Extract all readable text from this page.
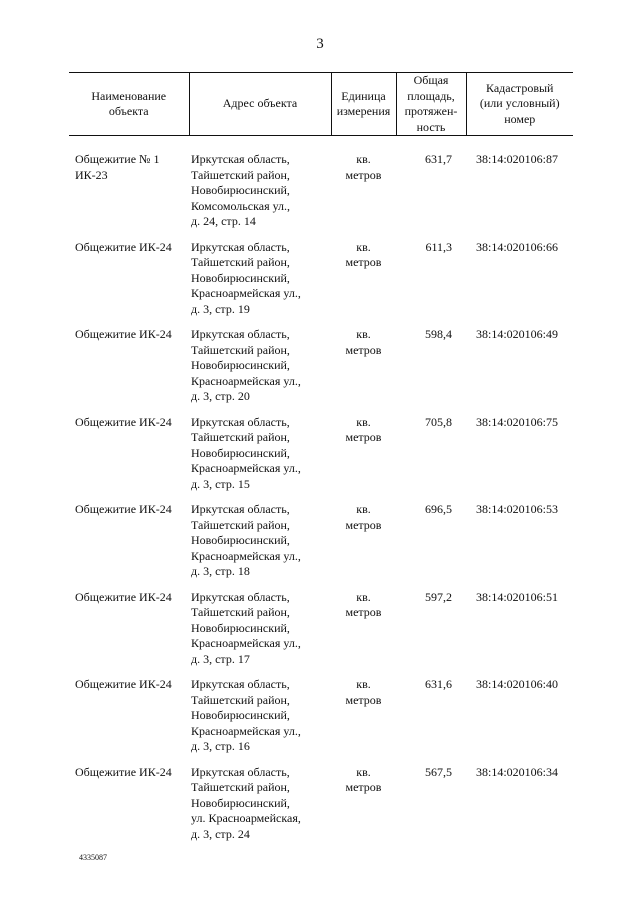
3
Наименование
объекта	Адрес объекта	Единица
измерения	Общая
площадь,
протяжен-
ность	Кадастровый
(или условный)
номер

Общежитие № 1
ИК-23	Иркутская область,
Тайшетский район,
Новобирюсинский,
Комсомольская ул.,
д. 24, стр. 14	кв.
метров	631,7	38:14:020106:87

Общежитие ИК-24	Иркутская область,
Тайшетский район,
Новобирюсинский,
Красноармейская ул.,
д. 3, стр. 19	кв.
метров	611,3	38:14:020106:66

Общежитие ИК-24	Иркутская область,
Тайшетский район,
Новобирюсинский,
Красноармейская ул.,
д. 3, стр. 20	кв.
метров	598,4	38:14:020106:49

Общежитие ИК-24	Иркутская область,
Тайшетский район,
Новобирюсинский,
Красноармейская ул.,
д. 3, стр. 15	кв.
метров	705,8	38:14:020106:75

Общежитие ИК-24	Иркутская область,
Тайшетский район,
Новобирюсинский,
Красноармейская ул.,
д. 3, стр. 18	кв.
метров	696,5	38:14:020106:53

Общежитие ИК-24	Иркутская область,
Тайшетский район,
Новобирюсинский,
Красноармейская ул.,
д. 3, стр. 17	кв.
метров	597,2	38:14:020106:51

Общежитие ИК-24	Иркутская область,
Тайшетский район,
Новобирюсинский,
Красноармейская ул.,
д. 3, стр. 16	кв.
метров	631,6	38:14:020106:40

Общежитие ИК-24	Иркутская область,
Тайшетский район,
Новобирюсинский,
ул. Красноармейская,
д. 3, стр. 24	кв.
метров	567,5	38:14:020106:34
4335087
